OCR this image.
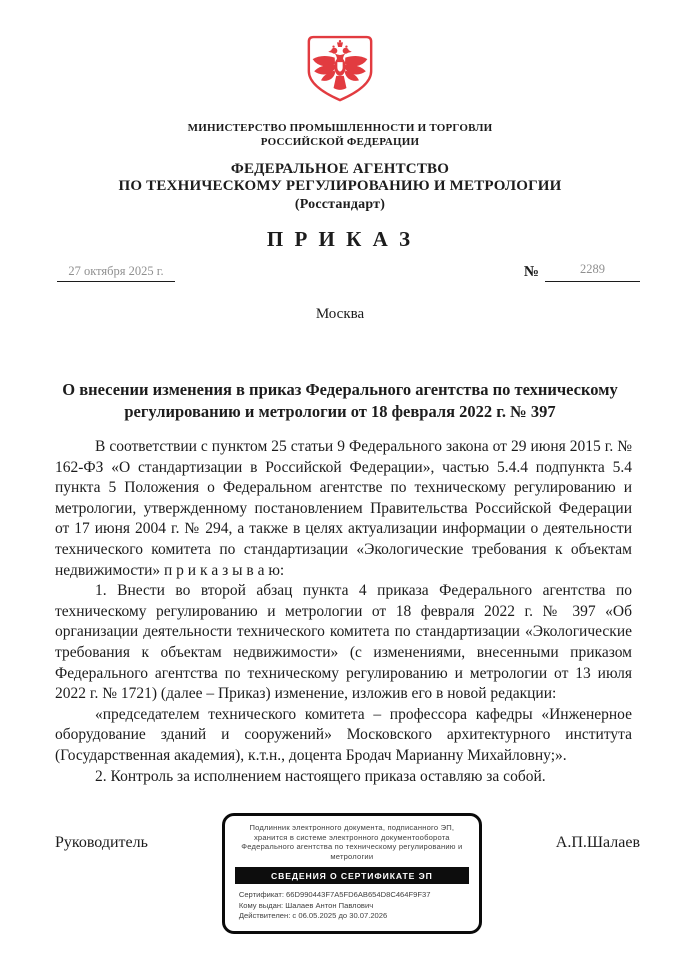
МИНИСТЕРСТВО ПРОМЫШЛЕННОСТИ И ТОРГОВЛИ
РОССИЙСКОЙ ФЕДЕРАЦИИ
ФЕДЕРАЛЬНОЕ АГЕНТСТВО
ПО ТЕХНИЧЕСКОМУ РЕГУЛИРОВАНИЮ И МЕТРОЛОГИИ
(Росстандарт)
П Р И К А З
27 октября 2025 г.	№	2289
Москва
О внесении изменения в приказ Федерального агентства по техническому регулированию и метрологии от 18 февраля 2022 г. № 397

В соответствии с пунктом 25 статьи 9 Федерального закона от 29 июня 2015 г. № 162-ФЗ «О стандартизации в Российской Федерации», частью 5.4.4 подпункта 5.4 пункта 5 Положения о Федеральном агентстве по техническому регулированию и метрологии, утвержденному постановлением Правительства Российской Федерации от 17 июня 2004 г. № 294, а также в целях актуализации информации о деятельности технического комитета по стандартизации «Экологические требования к объектам недвижимости» п р и к а з ы в а ю:

1. Внести во второй абзац пункта 4 приказа Федерального агентства по техническому регулированию и метрологии от 18 февраля 2022 г. № 397 «Об организации деятельности технического комитета по стандартизации «Экологические требования к объектам недвижимости» (с изменениями, внесенными приказом Федерального агентства по техническому регулированию и метрологии от 13 июля 2022 г. № 1721) (далее – Приказ) изменение, изложив его в новой редакции:

«председателем технического комитета – профессора кафедры «Инженерное оборудование зданий и сооружений» Московского архитектурного института (Государственная академия), к.т.н., доцента Бродач Марианну Михайловну;».

2. Контроль за исполнением настоящего приказа оставляю за собой.

Руководитель
Подлинник электронного документа, подписанного ЭП, хранится в системе электронного документооборота Федерального агентства по техническому регулированию и метрологии
СВЕДЕНИЯ О СЕРТИФИКАТЕ ЭП
Сертификат: 66D990443F7A5FD6AB654D8C464F9F37
Кому выдан: Шалаев Антон Павлович
Действителен: с 06.05.2025 до 30.07.2026
А.П.Шалаев
